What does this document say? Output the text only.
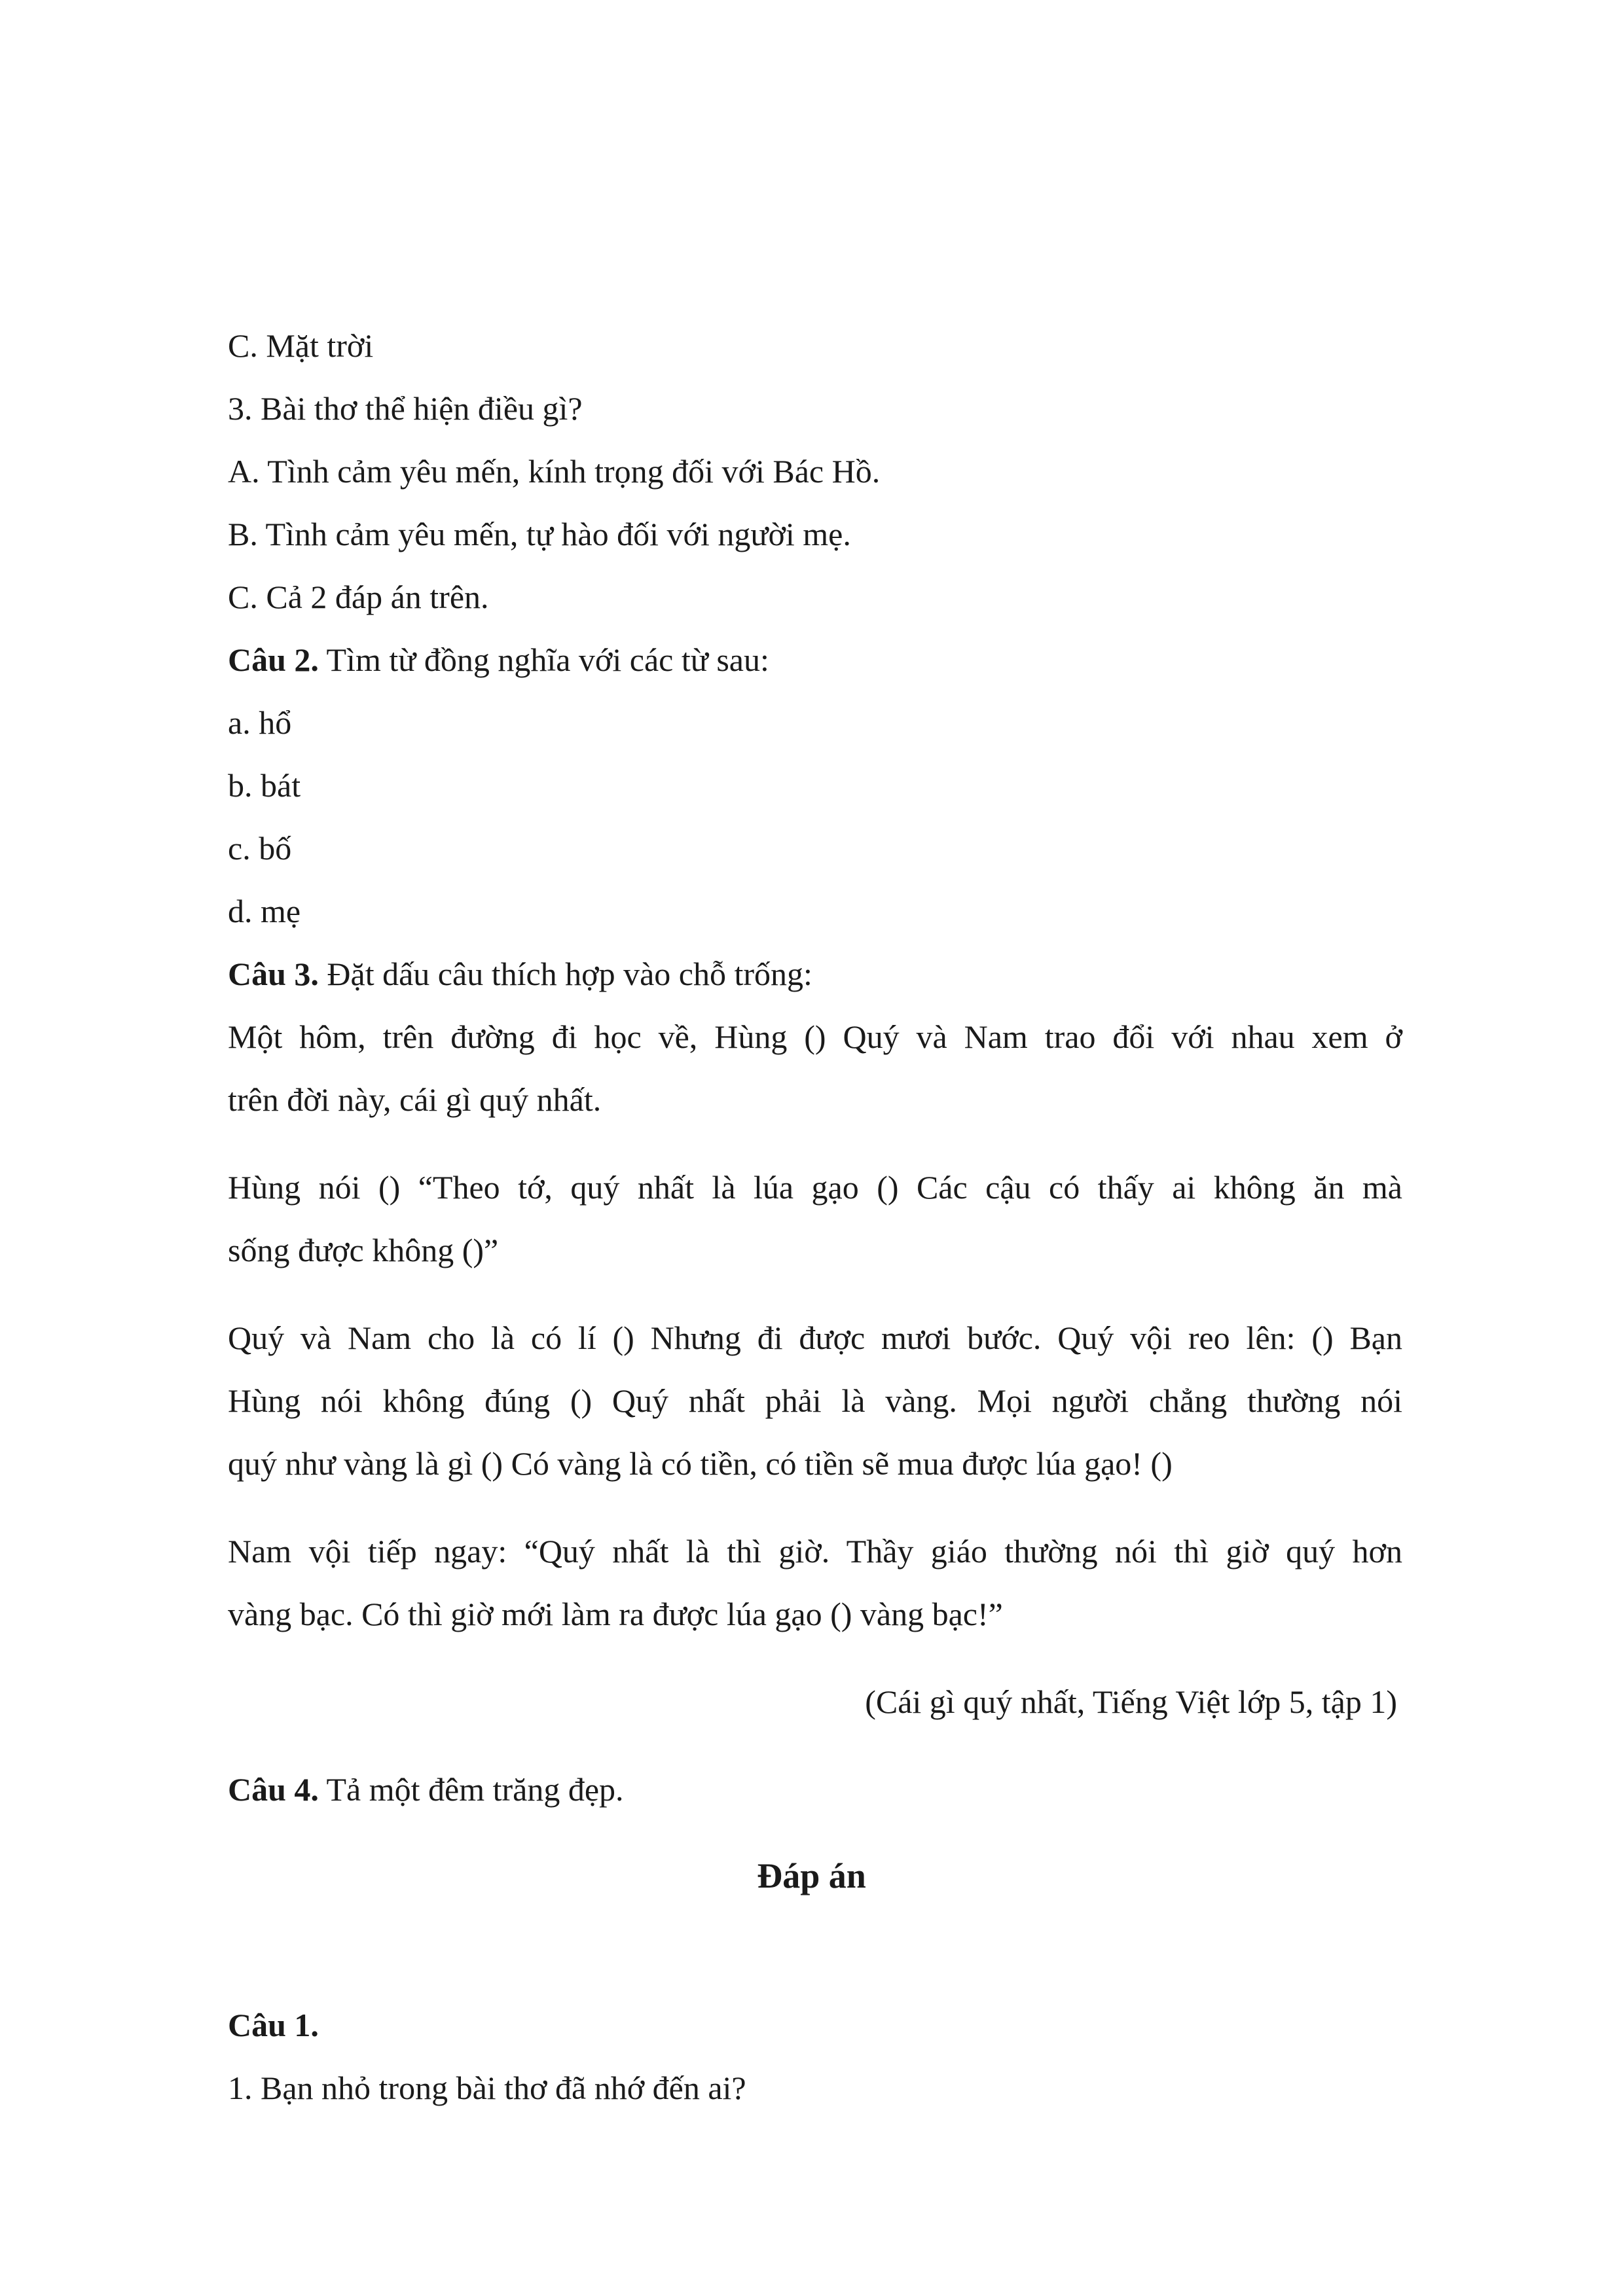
C. Mặt trời
3. Bài thơ thể hiện điều gì?
A. Tình cảm yêu mến, kính trọng đối với Bác Hồ.
B. Tình cảm yêu mến, tự hào đối với người mẹ.
C. Cả 2 đáp án trên.
Câu 2. Tìm từ đồng nghĩa với các từ sau:
a. hổ
b. bát
c. bố
d. mẹ
Câu 3. Đặt dấu câu thích hợp vào chỗ trống:
Một hôm, trên đường đi học về, Hùng () Quý và Nam trao đổi với nhau xem ở
trên đời này, cái gì quý nhất.
Hùng nói () “Theo tớ, quý nhất là lúa gạo () Các cậu có thấy ai không ăn mà
sống được không ()”
Quý và Nam cho là có lí () Nhưng đi được mươi bước. Quý vội reo lên: () Bạn
Hùng nói không đúng () Quý nhất phải là vàng. Mọi người chẳng thường nói
quý như vàng là gì () Có vàng là có tiền, có tiền sẽ mua được lúa gạo! ()
Nam vội tiếp ngay: “Quý nhất là thì giờ. Thầy giáo thường nói thì giờ quý hơn
vàng bạc. Có thì giờ mới làm ra được lúa gạo () vàng bạc!”
(Cái gì quý nhất, Tiếng Việt lớp 5, tập 1)
Câu 4. Tả một đêm trăng đẹp.
Đáp án
Câu 1.
1. Bạn nhỏ trong bài thơ đã nhớ đến ai?
